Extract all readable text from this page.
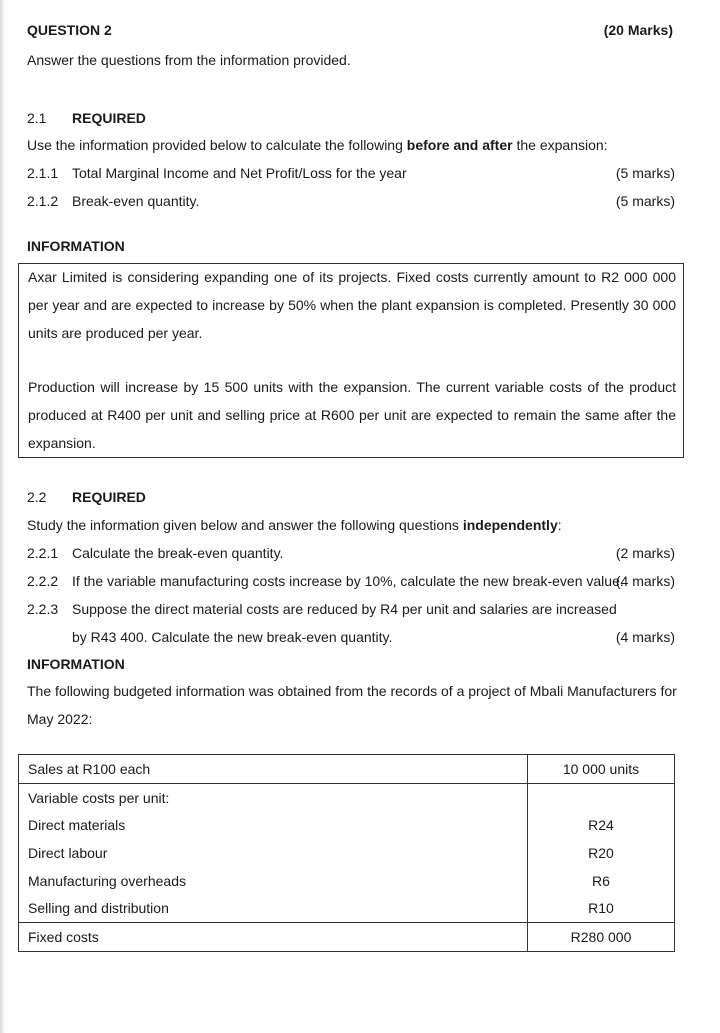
QUESTION 2	(20 Marks)
Answer the questions from the information provided.
2.1 REQUIRED
Use the information provided below to calculate the following before and after the expansion:
2.1.1 Total Marginal Income and Net Profit/Loss for the year	(5 marks)
2.1.2 Break-even quantity.	(5 marks)
INFORMATION
Axar Limited is considering expanding one of its projects. Fixed costs currently amount to R2 000 000 per year and are expected to increase by 50% when the plant expansion is completed. Presently 30 000 units are produced per year.
Production will increase by 15 500 units with the expansion. The current variable costs of the product produced at R400 per unit and selling price at R600 per unit are expected to remain the same after the expansion.
2.2 REQUIRED
Study the information given below and answer the following questions independently:
2.2.1 Calculate the break-even quantity.	(2 marks)
2.2.2 If the variable manufacturing costs increase by 10%, calculate the new break-even value.
(4 marks)
2.2.3 Suppose the direct material costs are reduced by R4 per unit and salaries are increased
by R43 400. Calculate the new break-even quantity.	(4 marks)
INFORMATION
The following budgeted information was obtained from the records of a project of Mbali Manufacturers for May 2022:
Sales at R100 each	10 000 units
Variable costs per unit:	
Direct materials	R24
Direct labour	R20
Manufacturing overheads	R6
Selling and distribution	R10
Fixed costs	R280 000
